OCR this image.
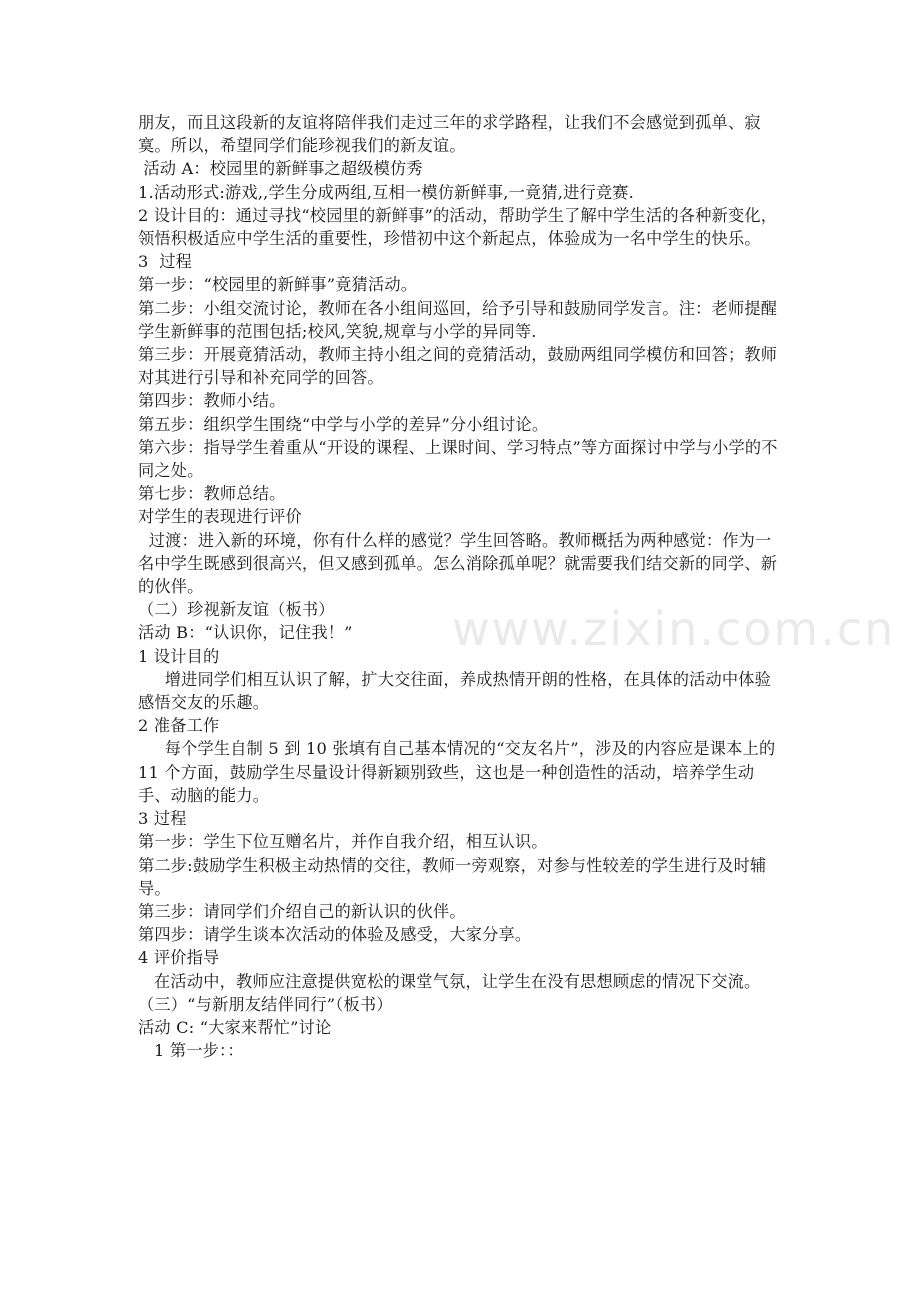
朋友，而且这段新的友谊将陪伴我们走过三年的求学路程，让我们不会感觉到孤单、寂寞。所以，希望同学们能珍视我们的新友谊。
活动 A：校园里的新鲜事之超级模仿秀
1.活动形式:游戏,,学生分成两组,互相一模仿新鲜事,一竟猜,进行竞赛.
2 设计目的：通过寻找“校园里的新鲜事”的活动，帮助学生了解中学生活的各种新变化，领悟积极适应中学生活的重要性，珍惜初中这个新起点，体验成为一名中学生的快乐。
3  过程
第一步：“校园里的新鲜事”竟猜活动。
第二步：小组交流讨论，教师在各小组间巡回，给予引导和鼓励同学发言。注：老师提醒学生新鲜事的范围包括;校风,笑貌,规章与小学的异同等.
第三步：开展竟猜活动，教师主持小组之间的竞猜活动，鼓励两组同学模仿和回答；教师对其进行引导和补充同学的回答。
第四步：教师小结。
第五步：组织学生围绕“中学与小学的差异”分小组讨论。
第六步：指导学生着重从“开设的课程、上课时间、学习特点”等方面探讨中学与小学的不同之处。
第七步：教师总结。
对学生的表现进行评价
过渡：进入新的环境，你有什么样的感觉？学生回答略。教师概括为两种感觉：作为一名中学生既感到很高兴，但又感到孤单。怎么消除孤单呢？就需要我们结交新的同学、新的伙伴。
（二）珍视新友谊（板书）
活动 B：“认识你，记住我！”
1 设计目的
增进同学们相互认识了解，扩大交往面，养成热情开朗的性格，在具体的活动中体验感悟交友的乐趣。
2 准备工作
每个学生自制 5 到 10 张填有自己基本情况的“交友名片”，涉及的内容应是课本上的 11 个方面，鼓励学生尽量设计得新颖别致些，这也是一种创造性的活动，培养学生动手、动脑的能力。
3 过程
第一步：学生下位互赠名片，并作自我介绍，相互认识。
第二步:鼓励学生积极主动热情的交往，教师一旁观察，对参与性较差的学生进行及时辅导。
第三步：请同学们介绍自己的新认识的伙伴。
第四步：请学生谈本次活动的体验及感受，大家分享。
4 评价指导
在活动中，教师应注意提供宽松的课堂气氛，让学生在没有思想顾虑的情况下交流。
（三）“与新朋友结伴同行”（板书）
活动 C: “大家来帮忙”讨论
1 第一步：：
www.zixin.com.cn
